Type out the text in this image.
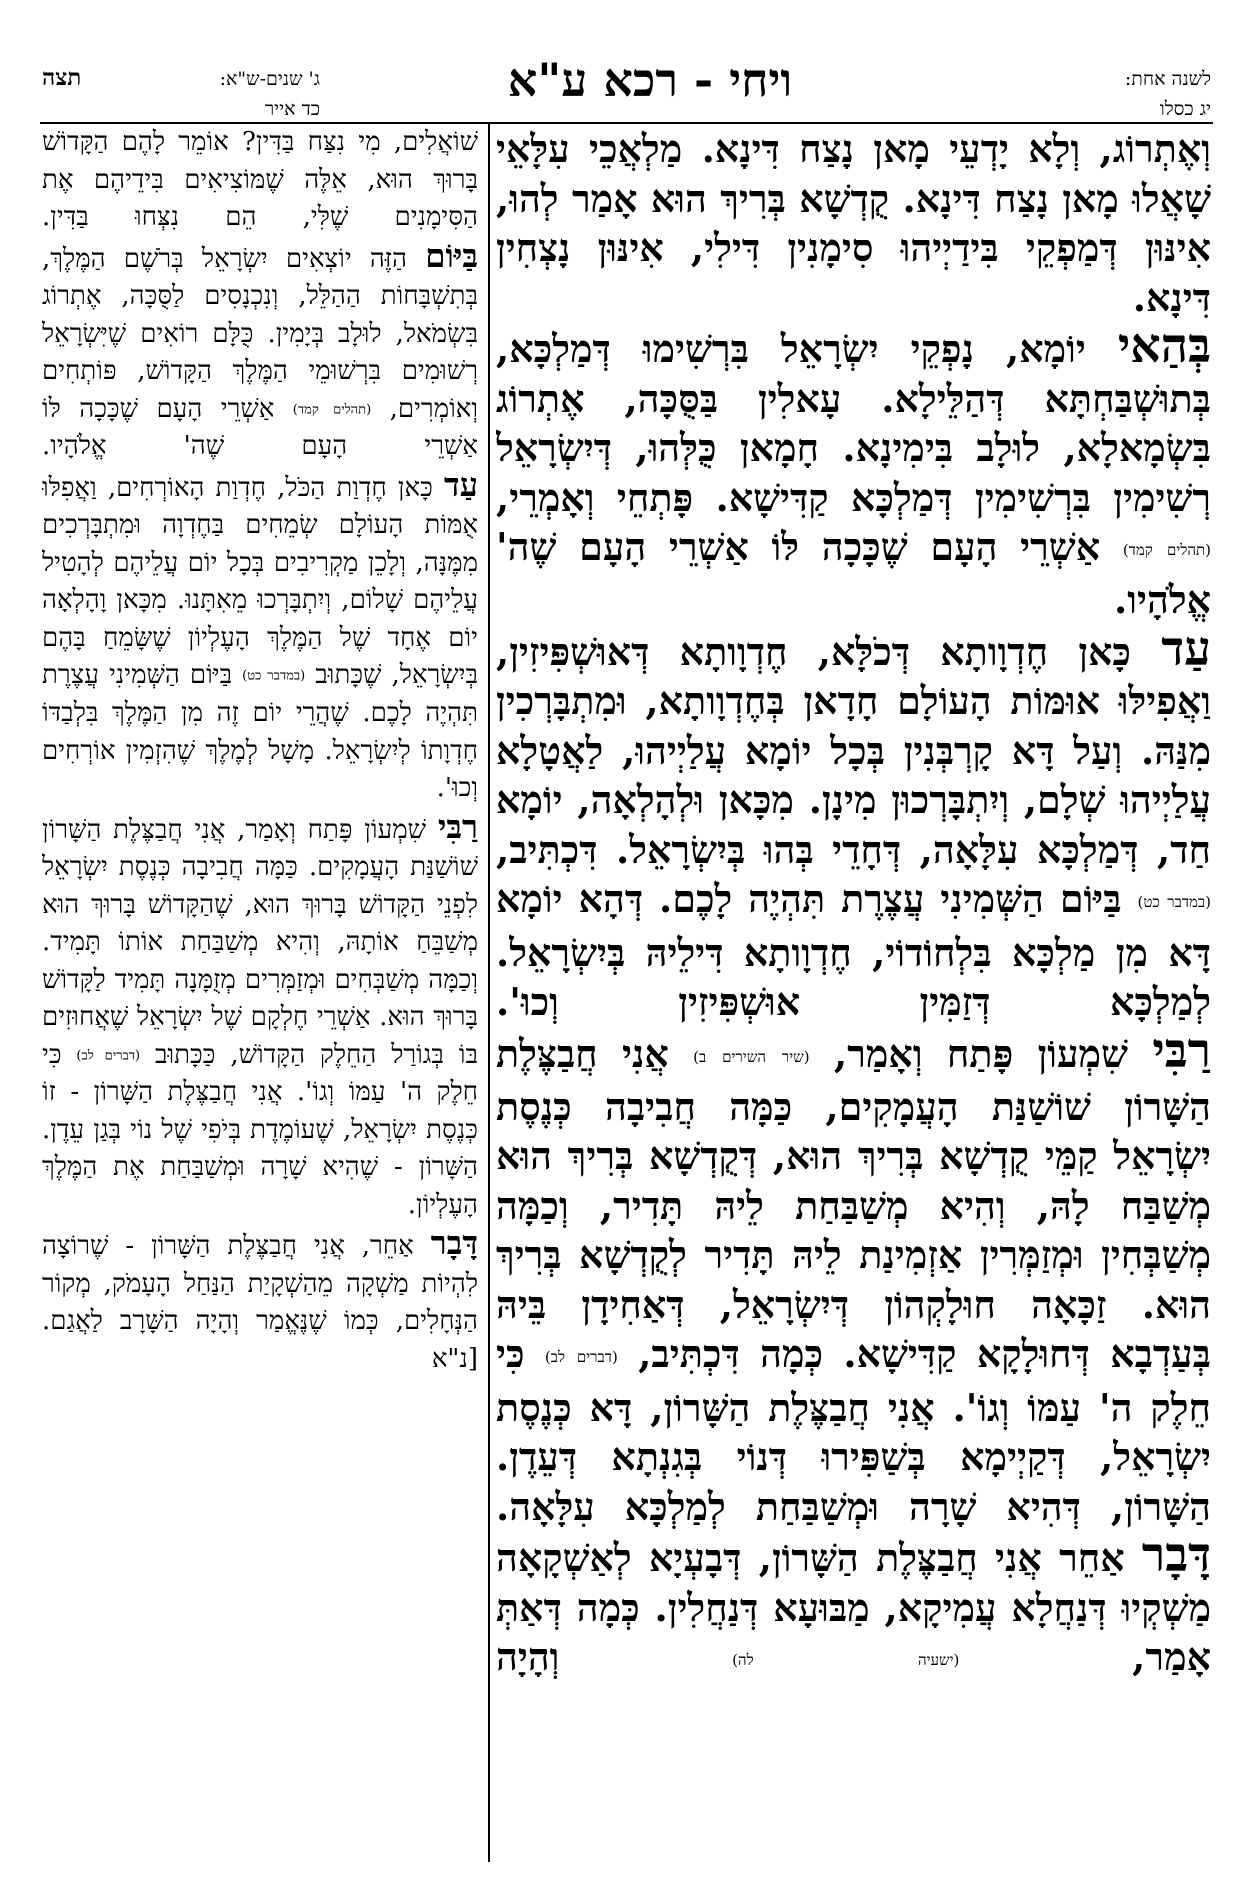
לשנה אחת:
יג כסלו
ויחי - רכא ע"א
ג' שנים-ש"א:
כד אייר
תצה

וְאֶתְרוֹג, וְלָא יָדְעֵי מָאן נָצַח דִּינָא. מַלְאֲכֵי עִלָּאֵי שָׁאֲלוּ מָאן נָצַח דִּינָא. קֻדְשָׁא בְּרִיךְ הוּא אָמַר לְהוּ, אִינּוּן דְּמַפְקֵי בִּידַיְיהוּ סִימָנִין דִּילִי, אִינּוּן נָצְחִין דִּינָא.

בְּהַאי יוֹמָא, נָפְקֵי יִשְׂרָאֵל בִּרְשִׁימוּ דְּמַלְכָּא, בְּתוּשְׁבַּחְתָּא דְּהַלֵּילָא. עָאלִין בַּסֻּכָּה, אֶתְרוֹג בִּשְׂמָאלָא, לוּלָב בִּימִינָא. חָמָאן כֻּלְּהוּ, דְּיִשְׂרָאֵל רְשִׁימִין בִּרְשִׁימִין דְּמַלְכָּא קַדִּישָׁא. פָּתְחֵי וְאָמְרֵי, (תהלים קמד) אַשְׁרֵי הָעָם שֶׁכָּכָה לּוֹ אַשְׁרֵי הָעָם שֶׁה' אֱלֹהָיו.

עַד כָּאן חֶדְוָותָא דְּכֹלָּא, חֶדְוָותָא דְּאוּשְׁפִּיזִין, וַאֲפִילּוּ אוּמּוֹת הָעוֹלָם חָדָאן בְּחֶדְוָותָא, וּמִתְבָּרְכִין מִנַּהּ. וְעַל דָּא קָרְבְּנִין בְּכָל יוֹמָא עֲלַיְיהוּ, לַאֲטָלָא עֲלַיְיהוּ שְׁלָם, וְיִתְבָּרְכוּן מִינָן. מִכָּאן וּלְהָלְאָה, יוֹמָא חַד, דְּמַלְכָּא עִלָּאָה, דְּחָדֵי בְּהוּ בְּיִשְׂרָאֵל. דִּכְתִּיב, (במדבר כט) בַּיּוֹם הַשְּׁמִינִי עֲצֶרֶת תִּהְיֶה לָכֶם. דְּהָא יוֹמָא דָּא מִן מַלְכָּא בִּלְחוֹדוֹי, חֶדְוָותָא דִּילֵיהּ בְּיִשְׂרָאֵל. לְמַלְכָּא דְּזַמִּין אוּשְׁפִּיזִין וְכוּ'.

רַבִּי שִׁמְעוֹן פָּתַח וְאָמַר, (שיר השירים ב) אֲנִי חֲבַצֶּלֶת הַשָּׁרוֹן שׁוֹשַׁנַּת הָעֲמָקִים, כַּמָּה חֲבִיבָה כְּנֶסֶת יִשְׂרָאֵל קַמֵּי קֻדְשָׁא בְּרִיךְ הוּא, דְּקֻדְשָׁא בְּרִיךְ הוּא מְשַׁבַּח לָהּ, וְהִיא מְשַׁבַּחַת לֵיהּ תָּדִיר, וְכַמָּה מְשַׁבְּחִין וּמְזַמְּרִין אַזְמִינַת לֵיהּ תָּדִיר לְקֻדְשָׁא בְּרִיךְ הוּא. זַכָּאָה חוּלָקְהוֹן דְּיִשְׂרָאֵל, דְּאַחִידָן בֵּיהּ בְּעַדְבָא דְּחוּלָקָא קַדִּישָׁא. כְּמָה דִּכְתִּיב, (דברים לב) כִּי חֵלֶק ה' עַמּוֹ וְגוֹ'. אֲנִי חֲבַצֶּלֶת הַשָּׁרוֹן, דָּא כְּנֶסֶת יִשְׂרָאֵל, דְּקַיְימָא בְּשַׁפִּירוּ דְּנוֹי בְּגִנְתָא דְּעֵדֶן. הַשָּׁרוֹן, דְּהִיא שָׁרָה וּמְשַׁבַּחַת לְמַלְכָּא עִלָּאָה.

דָּבָר אַחֵר אֲנִי חֲבַצֶּלֶת הַשָּׁרוֹן, דְּבָעְיָא לְאַשְׁקָאָה מַשְׁקְיוּ דְּנַחֲלָא עֲמִיקָא, מַבּוּעָא דְּנַחֲלִין. כְּמָה דְּאַתְּ אָמַר, (ישעיה לה) וְהָיָה

שׁוֹאֲלִים, מִי נִצַּח בַּדִּין? אוֹמֵר לָהֶם הַקָּדוֹשׁ בָּרוּךְ הוּא, אֵלֶּה שֶׁמּוֹצִיאִים בִּידֵיהֶם אֶת הַסִּימָנִים שֶׁלִּי, הֵם נִצְּחוּ בַּדִּין.

בַּיּוֹם הַזֶּה יוֹצְאִים יִשְׂרָאֵל בְּרֹשֶׁם הַמֶּלֶךְ, בְּתִשְׁבָּחוֹת הַהַלֵּל, וְנִכְנָסִים לַסֻּכָּה, אֶתְרוֹג בִּשְׂמֹאל, לוּלָב בְּיָמִין. כֻּלָּם רוֹאִים שֶׁיִּשְׂרָאֵל רְשׁוּמִים בִּרְשׁוּמֵי הַמֶּלֶךְ הַקָּדוֹשׁ, פּוֹתְחִים וְאוֹמְרִים, (תהלים קמד) אַשְׁרֵי הָעָם שֶׁכָּכָה לּוֹ אַשְׁרֵי הָעָם שֶׁה' אֱלֹהָיו.

עַד כָּאן חֶדְוַת הַכֹּל, חֶדְוַת הָאוֹרְחִים, וַאֲפִלּוּ אֻמּוֹת הָעוֹלָם שְׂמֵחִים בַּחֶדְוָה וּמִתְבָּרְכִים מִמֶּנָּה, וְלָכֵן מַקְרִיבִים בְּכָל יוֹם עֲלֵיהֶם לְהָטִיל עֲלֵיהֶם שָׁלוֹם, וְיִתְבָּרְכוּ מֵאִתָּנוּ. מִכָּאן וָהָלְאָה יוֹם אֶחָד שֶׁל הַמֶּלֶךְ הָעֶלְיוֹן שֶׁשָּׂמֵחַ בָּהֶם בְּיִשְׂרָאֵל, שֶׁכָּתוּב (במדבר כט) בַּיּוֹם הַשְּׁמִינִי עֲצֶרֶת תִּהְיֶה לָכֶם. שֶׁהֲרֵי יוֹם זֶה מִן הַמֶּלֶךְ בִּלְבַדּוֹ חֶדְוָתוֹ לְיִשְׂרָאֵל. מָשָׁל לְמֶלֶךְ שֶׁהִזְמִין אוֹרְחִים וְכוּ'.

רַבִּי שִׁמְעוֹן פָּתַח וְאָמַר, אֲנִי חֲבַצֶּלֶת הַשָּׁרוֹן שׁוֹשַׁנַּת הָעֲמָקִים. כַּמָּה חֲבִיבָה כְּנֶסֶת יִשְׂרָאֵל לִפְנֵי הַקָּדוֹשׁ בָּרוּךְ הוּא, שֶׁהַקָּדוֹשׁ בָּרוּךְ הוּא מְשַׁבֵּחַ אוֹתָהּ, וְהִיא מְשַׁבַּחַת אוֹתוֹ תָּמִיד. וְכַמָּה מְשַׁבְּחִים וּמְזַמְּרִים מְזֻמָּנָה תָּמִיד לַקָּדוֹשׁ בָּרוּךְ הוּא. אַשְׁרֵי חֶלְקָם שֶׁל יִשְׂרָאֵל שֶׁאֲחוּזִים בּוֹ בְּגוֹרַל הַחֵלֶק הַקָּדוֹשׁ, כַּכָּתוּב (דברים לב) כִּי חֵלֶק ה' עַמּוֹ וְגוֹ'. אֲנִי חֲבַצֶּלֶת הַשָּׁרוֹן - זוֹ כְּנֶסֶת יִשְׂרָאֵל, שֶׁעוֹמֶדֶת בְּיֹפִי שֶׁל נוֹי בְּגַן עֵדֶן. הַשָּׁרוֹן - שֶׁהִיא שָׁרָה וּמְשַׁבַּחַת אֶת הַמֶּלֶךְ הָעֶלְיוֹן.

דָּבָר אַחֵר, אֲנִי חֲבַצֶּלֶת הַשָּׁרוֹן - שֶׁרוֹצָה לִהְיוֹת מַשְׁקָה מֵהַשְׁקָיַת הַנַּחַל הָעָמֹק, מְקוֹר הַנְּחָלִים, כְּמוֹ שֶׁנֶּאֱמַר וְהָיָה הַשָּׁרָב לַאֲגַם. [נ"א
